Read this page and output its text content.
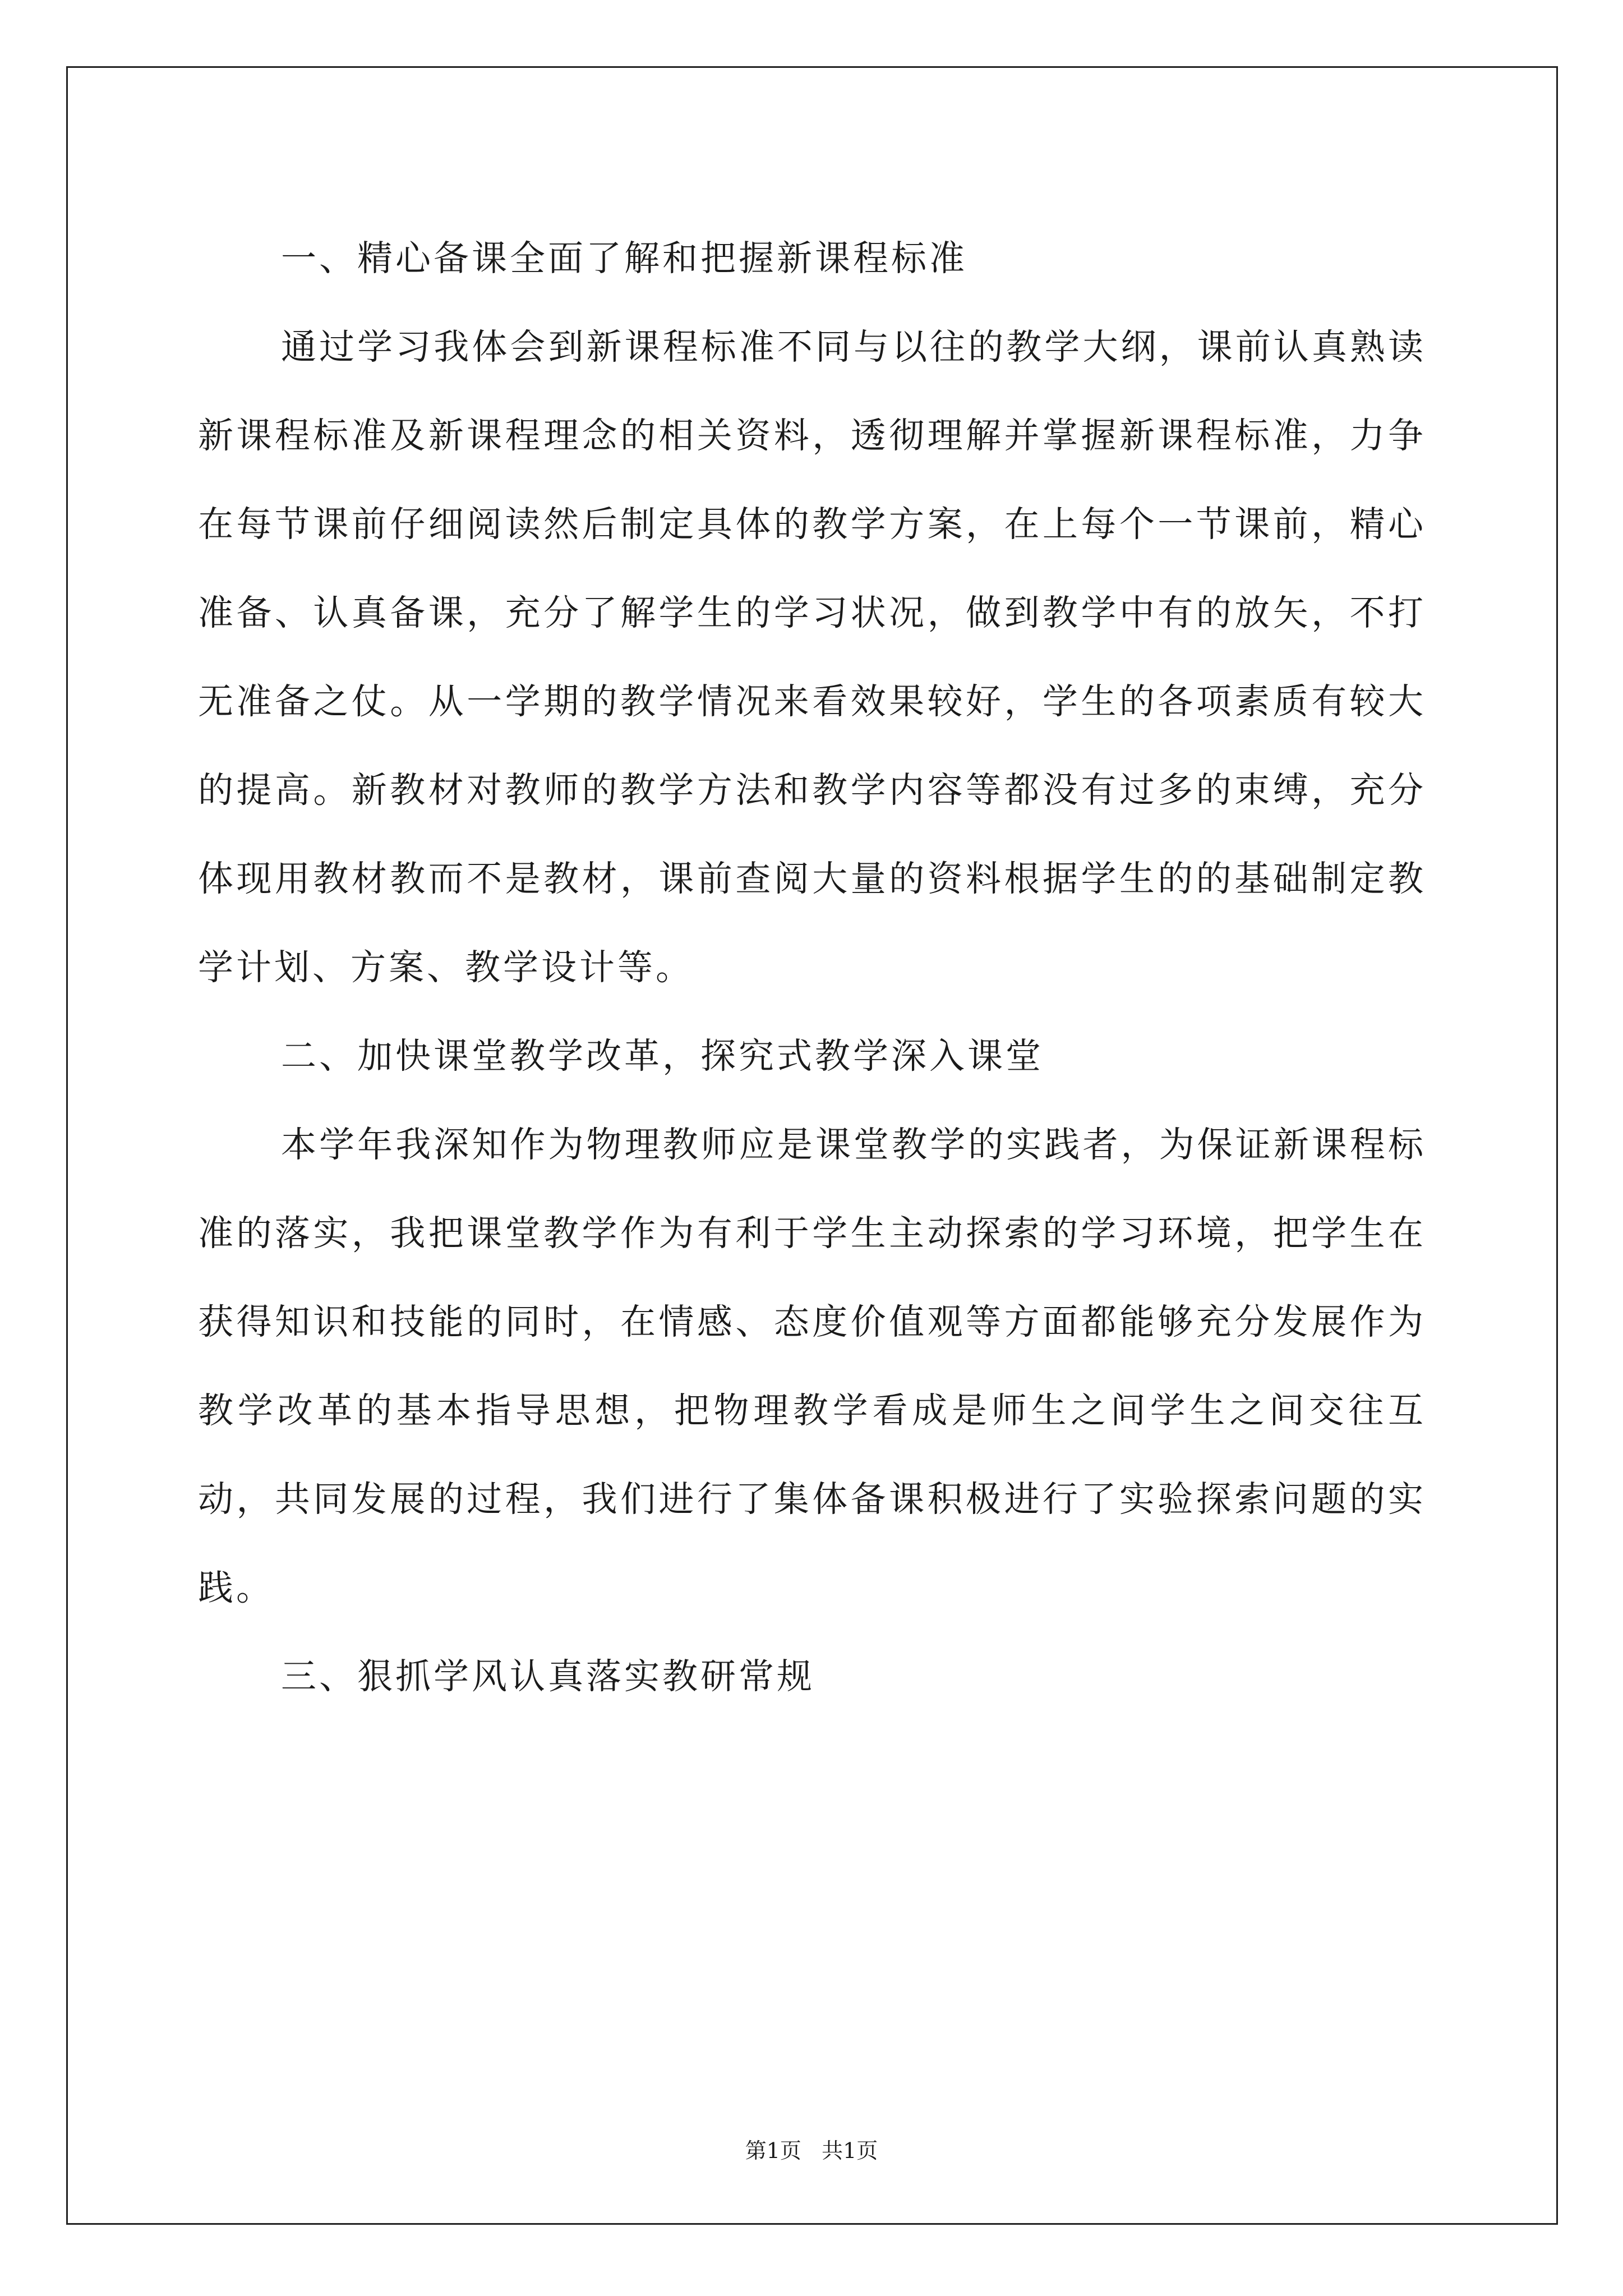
一、精心备课全面了解和把握新课程标准

通过学习我体会到新课程标准不同与以往的教学大纲，课前认真熟读新课程标准及新课程理念的相关资料，透彻理解并掌握新课程标准，力争在每节课前仔细阅读然后制定具体的教学方案，在上每个一节课前，精心准备、认真备课，充分了解学生的学习状况，做到教学中有的放矢，不打无准备之仗。从一学期的教学情况来看效果较好，学生的各项素质有较大的提高。新教材对教师的教学方法和教学内容等都没有过多的束缚，充分体现用教材教而不是教材，课前查阅大量的资料根据学生的的基础制定教学计划、方案、教学设计等。

二、加快课堂教学改革，探究式教学深入课堂

本学年我深知作为物理教师应是课堂教学的实践者，为保证新课程标准的落实，我把课堂教学作为有利于学生主动探索的学习环境，把学生在获得知识和技能的同时，在情感、态度价值观等方面都能够充分发展作为教学改革的基本指导思想，把物理教学看成是师生之间学生之间交往互动，共同发展的过程，我们进行了集体备课积极进行了实验探索问题的实践。

三、狠抓学风认真落实教研常规

第1页   共1页
